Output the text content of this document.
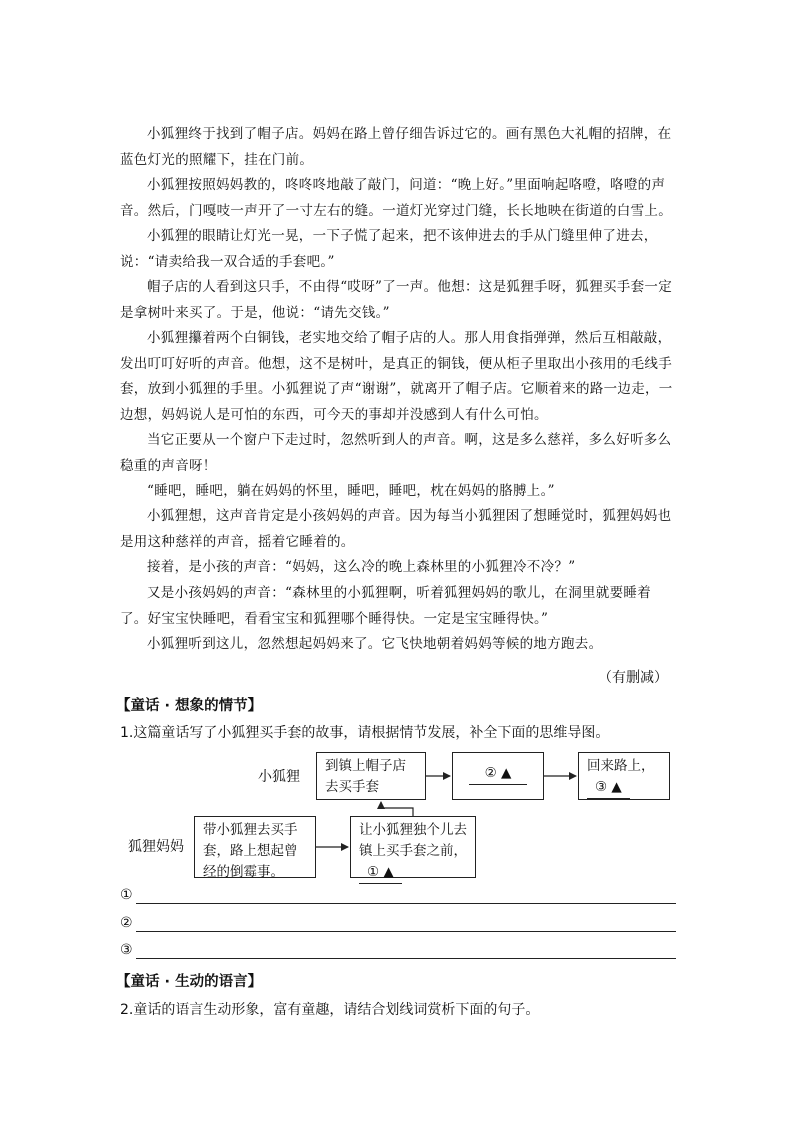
小狐狸终于找到了帽子店。妈妈在路上曾仔细告诉过它的。画有黑色大礼帽的招牌，在蓝色灯光的照耀下，挂在门前。

小狐狸按照妈妈教的，咚咚咚地敲了敲门，问道：“晚上好。”里面响起咯噔，咯噔的声音。然后，门嘎吱一声开了一寸左右的缝。一道灯光穿过门缝，长长地映在街道的白雪上。

小狐狸的眼睛让灯光一晃，一下子慌了起来，把不该伸进去的手从门缝里伸了进去，说：“请卖给我一双合适的手套吧。”

帽子店的人看到这只手，不由得“哎呀”了一声。他想：这是狐狸手呀，狐狸买手套一定是拿树叶来买了。于是，他说：“请先交钱。”

小狐狸攥着两个白铜钱，老实地交给了帽子店的人。那人用食指弹弹，然后互相敲敲，发出叮叮好听的声音。他想，这不是树叶，是真正的铜钱，便从柜子里取出小孩用的毛线手套，放到小狐狸的手里。小狐狸说了声“谢谢”，就离开了帽子店。它顺着来的路一边走，一边想，妈妈说人是可怕的东西，可今天的事却并没感到人有什么可怕。

当它正要从一个窗户下走过时，忽然听到人的声音。啊，这是多么慈祥，多么好听多么稳重的声音呀！

“睡吧，睡吧，躺在妈妈的怀里，睡吧，睡吧，枕在妈妈的胳膊上。”

小狐狸想，这声音肯定是小孩妈妈的声音。因为每当小狐狸困了想睡觉时，狐狸妈妈也是用这种慈祥的声音，摇着它睡着的。

接着，是小孩的声音：“妈妈，这么冷的晚上森林里的小狐狸冷不冷？”

又是小孩妈妈的声音：“森林里的小狐狸啊，听着狐狸妈妈的歌儿，在洞里就要睡着了。好宝宝快睡吧，看看宝宝和狐狸哪个睡得快。一定是宝宝睡得快。”

小狐狸听到这儿，忽然想起妈妈来了。它飞快地朝着妈妈等候的地方跑去。

（有删减）
【童话 · 想象的情节】
1.这篇童话写了小狐狸买手套的故事，请根据情节发展，补全下面的思维导图。
小狐狸
狐狸妈妈
到镇上帽子店去买手套
② ▲	回来路上，
③ ▲
带小狐狸去买手套，路上想起曾经的倒霉事。
让小狐狸独个儿去镇上买手套之前，① ▲
①
②
③
【童话 · 生动的语言】
2.童话的语言生动形象，富有童趣，请结合划线词赏析下面的句子。
